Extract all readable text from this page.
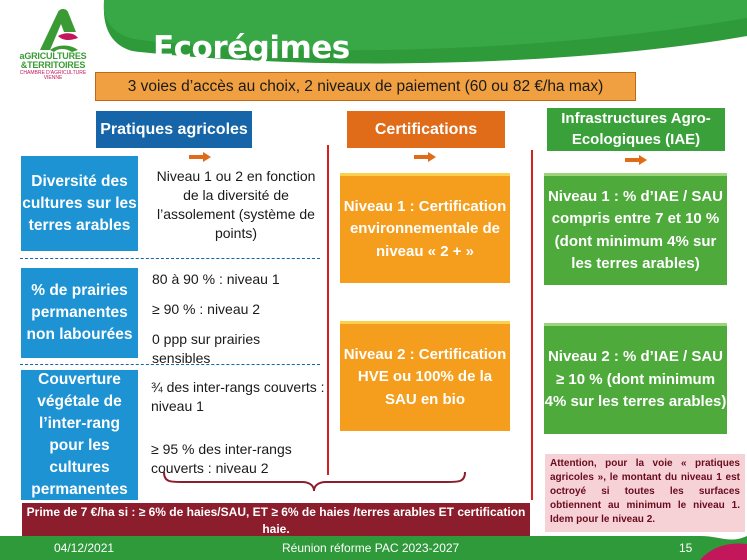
aGRICULTURES
&TERRITOIRES
CHAMBRE D'AGRICULTURE
VIENNE
Ecorégimes
3 voies d’accès au choix, 2 niveaux de paiement (60 ou 82 €/ha max)
Pratiques agricoles	Certifications
Infrastructures Agro-Ecologiques (IAE)
Diversité des cultures sur les terres arables
% de prairies permanentes non labourées
Couverture végétale de l’inter-rang pour les cultures permanentes
Niveau 1 ou 2 en fonction de la diversité de l’assolement (système de points)
80 à 90 % : niveau 1
≥ 90 % : niveau 2
0 ppp sur prairies sensibles
¾ des inter-rangs couverts : niveau 1
≥ 95 % des inter-rangs couverts : niveau 2
Niveau 1 : Certification environnementale de niveau « 2 + »
Niveau 2 : Certification HVE ou 100% de la SAU en bio
Niveau 1 : % d’IAE / SAU compris entre 7 et 10 % (dont minimum 4% sur les terres arables)
Niveau 2 : % d’IAE / SAU ≥ 10 % (dont minimum 4% sur les terres arables)
Attention, pour la voie « pratiques agricoles », le montant du niveau 1 est octroyé si toutes les surfaces obtiennent au minimum le niveau 1. Idem pour le niveau 2.
Prime de 7 €/ha si : ≥ 6% de haies/SAU, ET ≥ 6% de haies /terres arables ET certification haie.
04/12/2021	Réunion réforme PAC 2023-2027	15
